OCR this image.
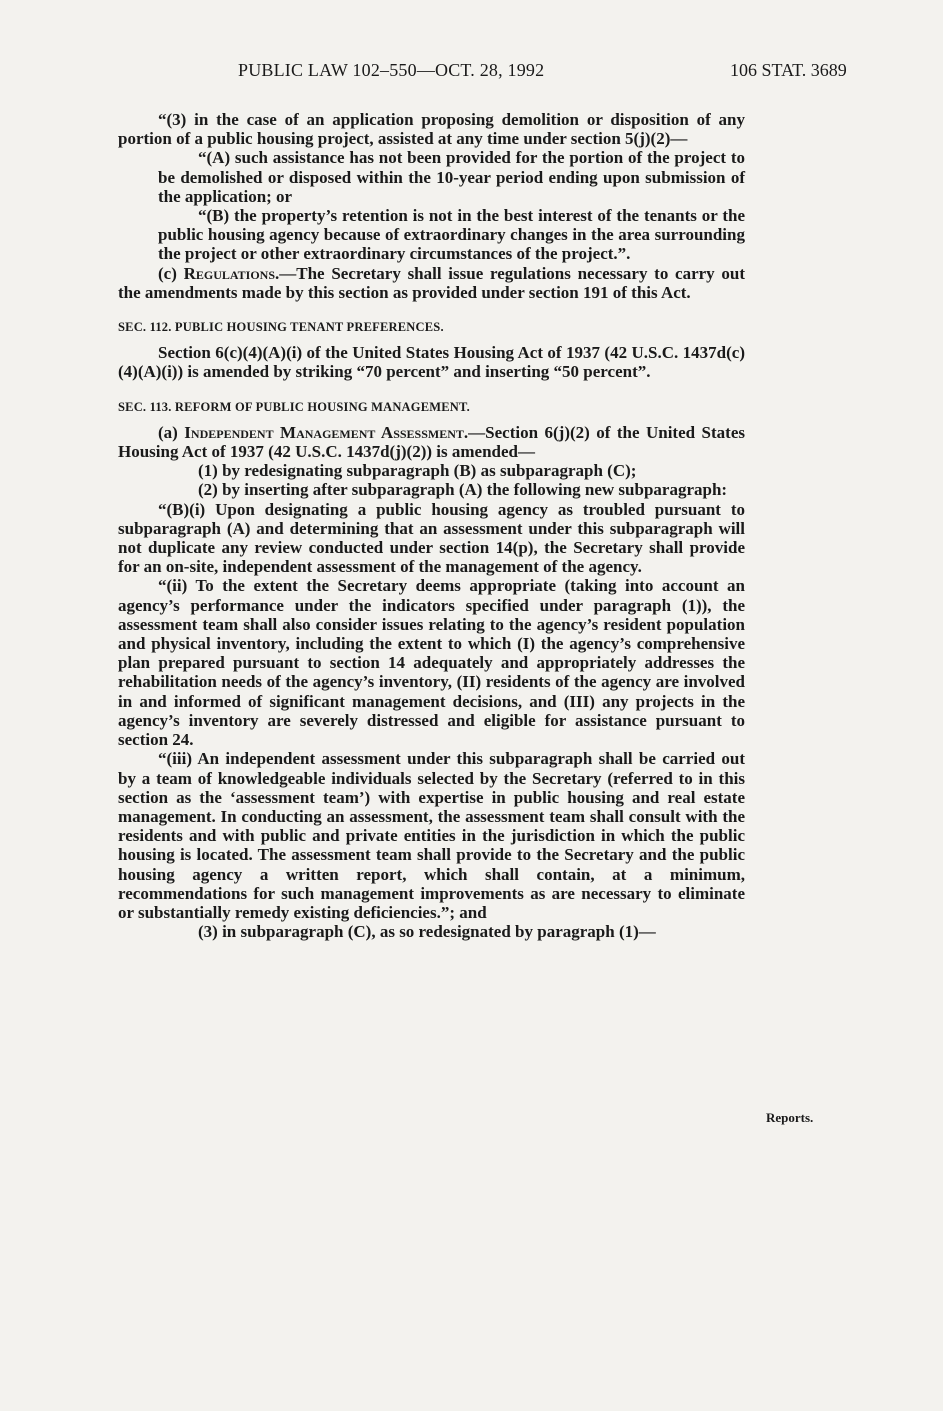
PUBLIC LAW 102–550—OCT. 28, 1992	106 STAT. 3689

“(3) in the case of an application proposing demolition or disposition of any portion of a public housing project, assisted at any time under section 5(j)(2)—

“(A) such assistance has not been provided for the portion of the project to be demolished or disposed within the 10-year period ending upon submission of the application; or

“(B) the property’s retention is not in the best interest of the tenants or the public housing agency because of extraordinary changes in the area surrounding the project or other extraordinary circumstances of the project.”.

(c) Regulations.—The Secretary shall issue regulations necessary to carry out the amendments made by this section as provided under section 191 of this Act.

SEC. 112. PUBLIC HOUSING TENANT PREFERENCES.

Section 6(c)(4)(A)(i) of the United States Housing Act of 1937 (42 U.S.C. 1437d(c)(4)(A)(i)) is amended by striking “70 percent” and inserting “50 percent”.

SEC. 113. REFORM OF PUBLIC HOUSING MANAGEMENT.

(a) Independent Management Assessment.—Section 6(j)(2) of the United States Housing Act of 1937 (42 U.S.C. 1437d(j)(2)) is amended—

(1) by redesignating subparagraph (B) as subparagraph (C);

(2) by inserting after subparagraph (A) the following new subparagraph:

“(B)(i) Upon designating a public housing agency as troubled pursuant to subparagraph (A) and determining that an assessment under this subparagraph will not duplicate any review conducted under section 14(p), the Secretary shall provide for an on-site, independent assessment of the management of the agency.

“(ii) To the extent the Secretary deems appropriate (taking into account an agency’s performance under the indicators specified under paragraph (1)), the assessment team shall also consider issues relating to the agency’s resident population and physical inventory, including the extent to which (I) the agency’s comprehensive plan prepared pursuant to section 14 adequately and appropriately addresses the rehabilitation needs of the agency’s inventory, (II) residents of the agency are involved in and informed of significant management decisions, and (III) any projects in the agency’s inventory are severely distressed and eligible for assistance pursuant to section 24.

“(iii) An independent assessment under this subparagraph shall be carried out by a team of knowledgeable individuals selected by the Secretary (referred to in this section as the ‘assessment team’) with expertise in public housing and real estate management. In conducting an assessment, the assessment team shall consult with the residents and with public and private entities in the jurisdiction in which the public housing is located. The assessment team shall provide to the Secretary and the public housing agency a written report, which shall contain, at a minimum, recommendations for such management improvements as are necessary to eliminate or substantially remedy existing deficiencies.”; and

(3) in subparagraph (C), as so redesignated by paragraph (1)—

Reports.
